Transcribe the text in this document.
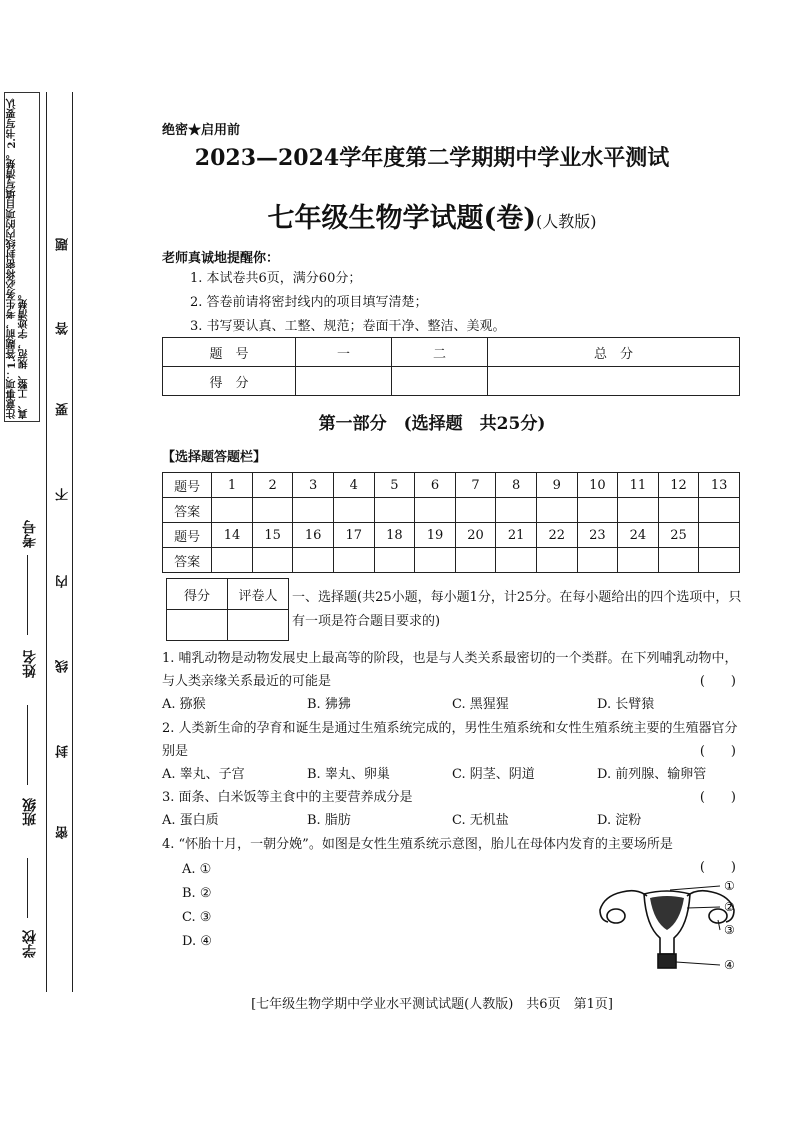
注意事项：1.答题前，考生务必将密封线内的项目填写清楚。2.书写要认真、工整、规范，字迹清楚。
学校
班级
姓名
考号
密
封
线
内
不
要
答
题
绝密★启用前
2023—2024学年度第二学期期中学业水平测试
七年级生物学试题(卷)(人教版)
老师真诚地提醒你：
1. 本试卷共6页，满分60分；
2. 答卷前请将密封线内的项目填写清楚；
3. 书写要认真、工整、规范；卷面干净、整洁、美观。
题　号	一	二	总　分
得　分			
第一部分　(选择题　共25分)
【选择题答题栏】
题号	1	2	3	4	5	6	7	8	9	10	11	12	13
答案													
题号	14	15	16	17	18	19	20	21	22	23	24	25	
答案													
得分	评卷人
	一、选择题(共25小题，每小题1分，计25分。在每小题给出的四个选项中，只有一项是符合题目要求的)
1. 哺乳动物是动物发展史上最高等的阶段，也是与人类关系最密切的一个类群。在下列哺乳动物中，与人类亲缘关系最近的可能是	(　　)
A. 猕猴	B. 狒狒	C. 黑猩猩	D. 长臂猿
2. 人类新生命的孕育和诞生是通过生殖系统完成的，男性生殖系统和女性生殖系统主要的生殖器官分别是	(　　)
A. 睾丸、子宫	B. 睾丸、卵巢	C. 阴茎、阴道	D. 前列腺、输卵管
3. 面条、白米饭等主食中的主要营养成分是	(　　)
A. 蛋白质	B. 脂肪	C. 无机盐	D. 淀粉
4. “怀胎十月，一朝分娩”。如图是女性生殖系统示意图，胎儿在母体内发育的主要场所是
(　　)
A. ①
B. ②
C. ③
D. ④
①
②
③
④
[七年级生物学期中学业水平测试试题(人教版)　共6页　第1页]
